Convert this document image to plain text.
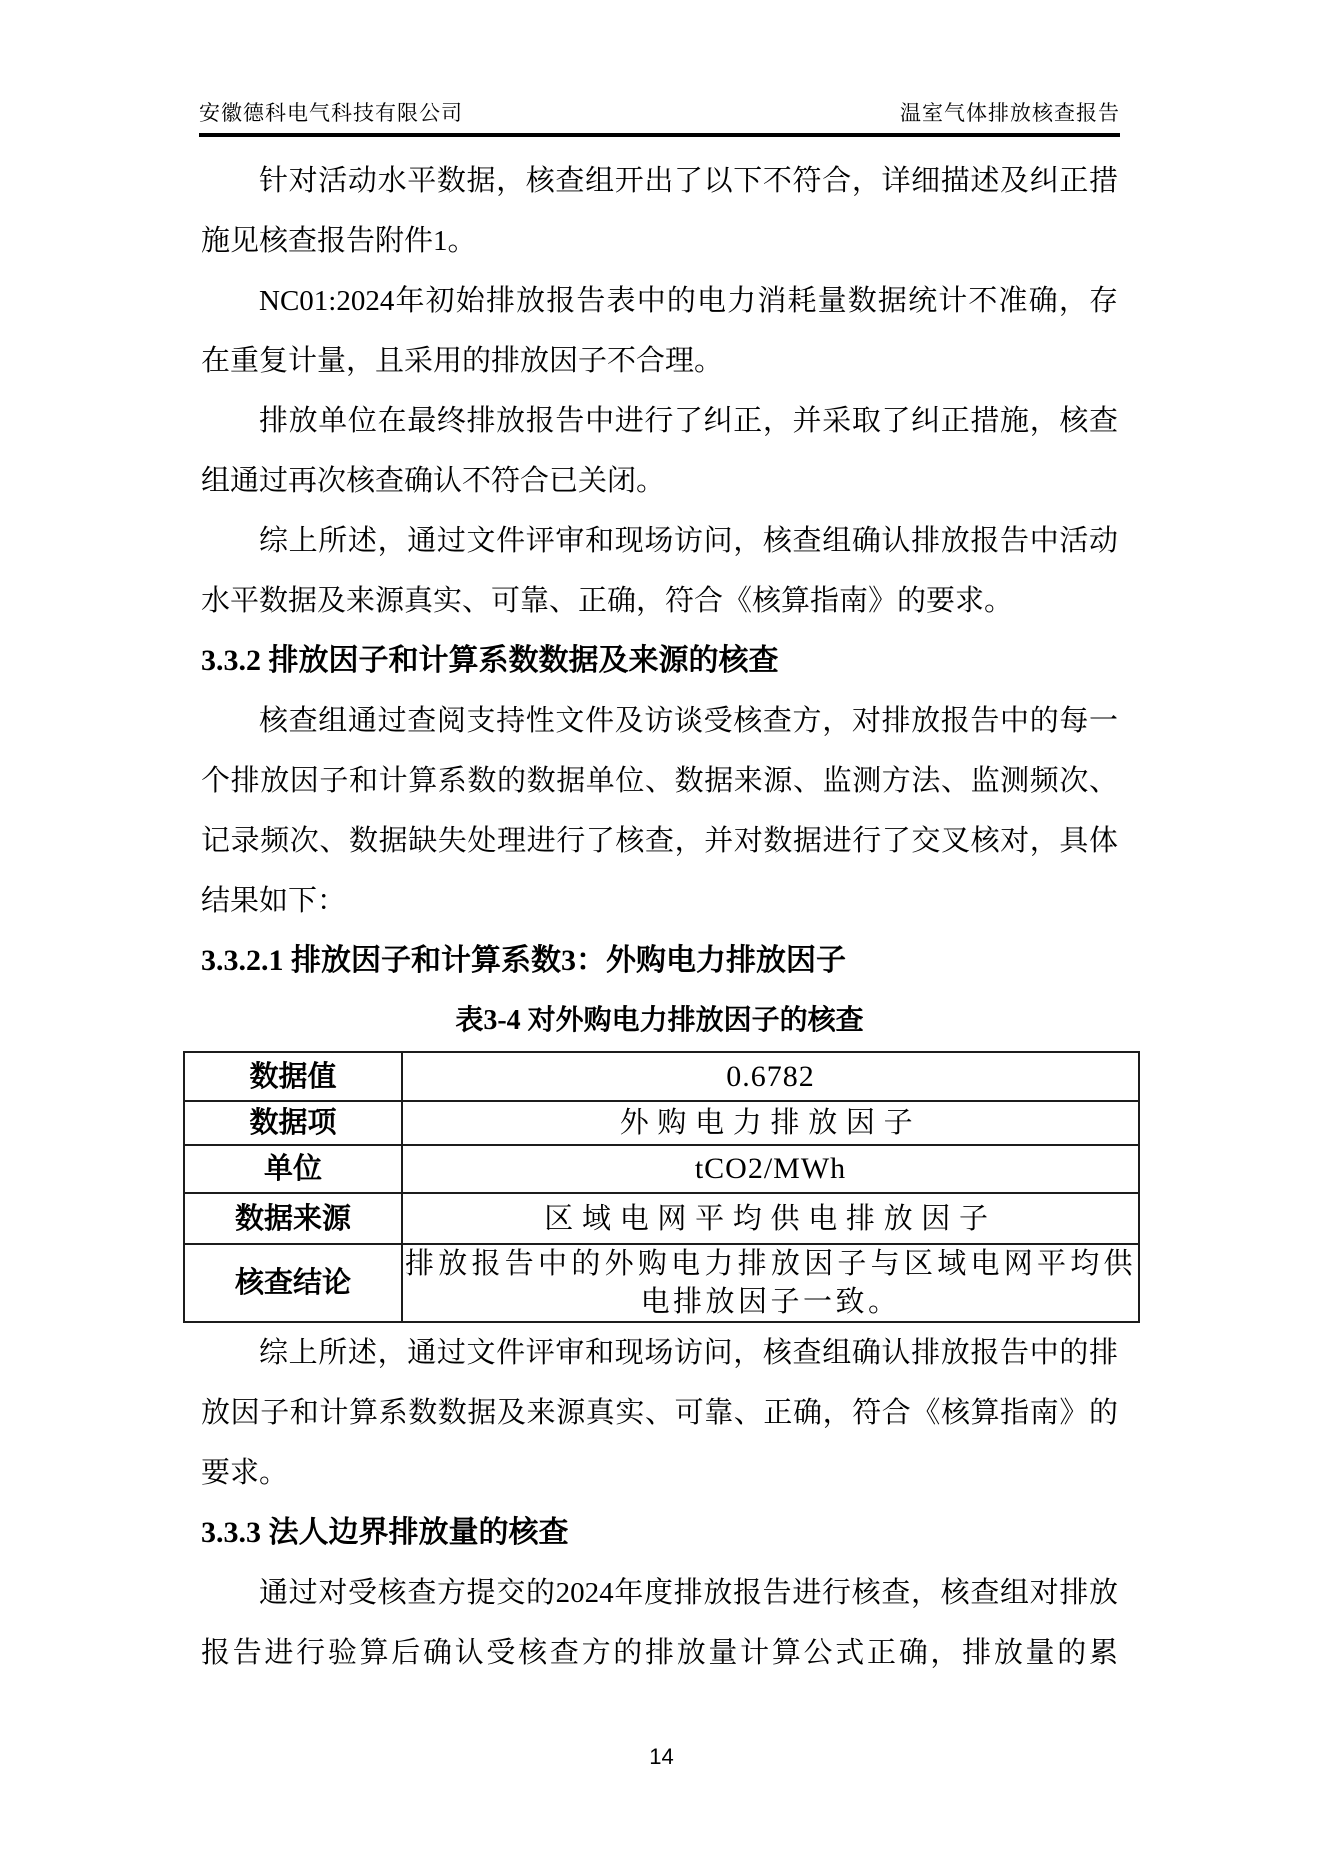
安徽德科电气科技有限公司	温室气体排放核查报告

针对活动水平数据，核查组开出了以下不符合，详细描述及纠正措施见核查报告附件1。

NC01:2024年初始排放报告表中的电力消耗量数据统计不准确，存在重复计量，且采用的排放因子不合理。

排放单位在最终排放报告中进行了纠正，并采取了纠正措施，核查组通过再次核查确认不符合已关闭。

综上所述，通过文件评审和现场访问，核查组确认排放报告中活动水平数据及来源真实、可靠、正确，符合《核算指南》的要求。

3.3.2 排放因子和计算系数数据及来源的核查

核查组通过查阅支持性文件及访谈受核查方，对排放报告中的每一个排放因子和计算系数的数据单位、数据来源、监测方法、监测频次、记录频次、数据缺失处理进行了核查，并对数据进行了交叉核对，具体结果如下：

3.3.2.1 排放因子和计算系数3：外购电力排放因子
表3-4 对外购电力排放因子的核查
数据值	0.6782
数据项	外购电力排放因子
单位	tCO2/MWh
数据来源	区域电网平均供电排放因子
核查结论	排放报告中的外购电力排放因子与区域电网平均供电排放因子一致。

综上所述，通过文件评审和现场访问，核查组确认排放报告中的排放因子和计算系数数据及来源真实、可靠、正确，符合《核算指南》的要求。

3.3.3 法人边界排放量的核查

通过对受核查方提交的2024年度排放报告进行核查，核查组对排放报告进行验算后确认受核查方的排放量计算公式正确，排放量的累

14
